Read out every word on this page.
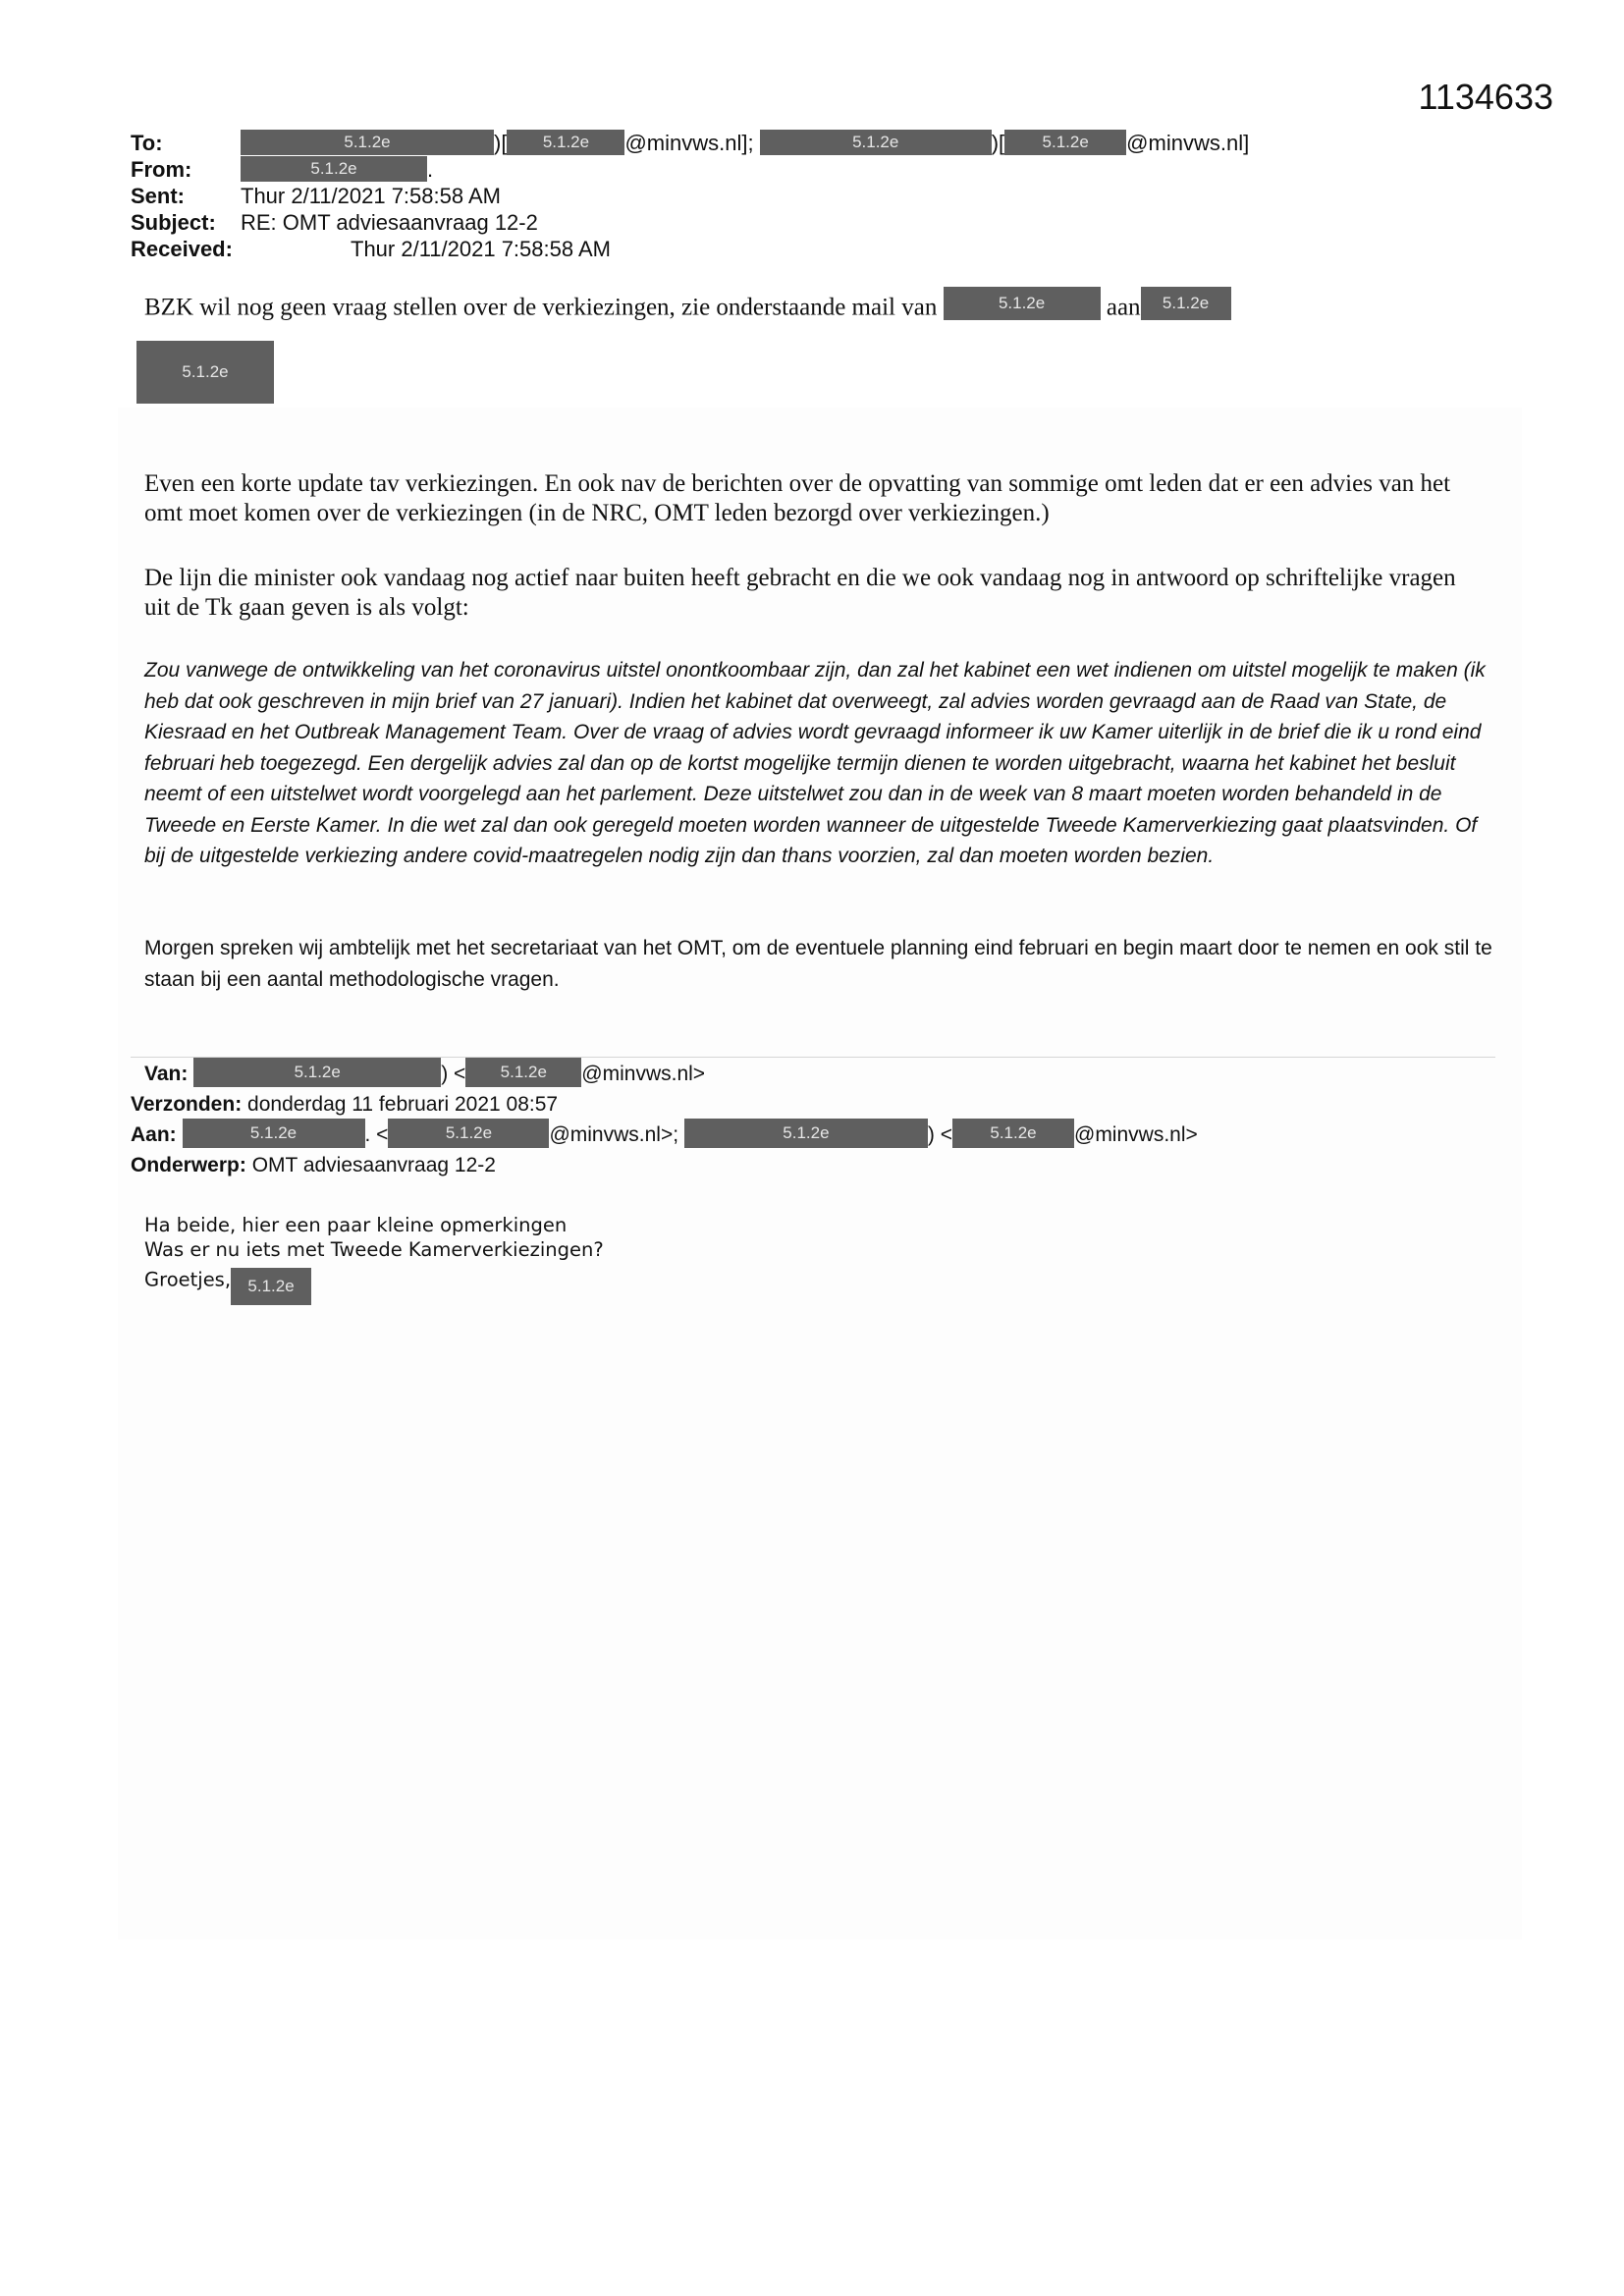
1134633
To:	5.1.2e	)[ 5.1.2e @minvws.nl];	5.1.2e	)[ 5.1.2e @minvws.nl]
From:	5.1.2e	.
Sent:	Thur 2/11/2021 7:58:58 AM
Subject: RE: OMT adviesaanvraag 12-2
Received:	Thur 2/11/2021 7:58:58 AM
BZK wil nog geen vraag stellen over de verkiezingen, zie onderstaande mail van	5.1.2e	aan 5.1.2e
5.1.2e
Even een korte update tav verkiezingen. En ook nav de berichten over de opvatting van sommige omt leden dat er een advies van het omt moet komen over de verkiezingen (in de NRC, OMT leden bezorgd over verkiezingen.)
De lijn die minister ook vandaag nog actief naar buiten heeft gebracht en die we ook vandaag nog in antwoord op schriftelijke vragen uit de Tk gaan geven is als volgt:
Zou vanwege de ontwikkeling van het coronavirus uitstel onontkoombaar zijn, dan zal het kabinet een wet indienen om uitstel mogelijk te maken (ik heb dat ook geschreven in mijn brief van 27 januari). Indien het kabinet dat overweegt, zal advies worden gevraagd aan de Raad van State, de Kiesraad en het Outbreak Management Team. Over de vraag of advies wordt gevraagd informeer ik uw Kamer uiterlijk in de brief die ik u rond eind februari heb toegezegd. Een dergelijk advies zal dan op de kortst mogelijke termijn dienen te worden uitgebracht, waarna het kabinet het besluit neemt of een uitstelwet wordt voorgelegd aan het parlement. Deze uitstelwet zou dan in de week van 8 maart moeten worden behandeld in de Tweede en Eerste Kamer. In die wet zal dan ook geregeld moeten worden wanneer de uitgestelde Tweede Kamerverkiezing gaat plaatsvinden. Of bij de uitgestelde verkiezing andere covid-maatregelen nodig zijn dan thans voorzien, zal dan moeten worden bezien.
Morgen spreken wij ambtelijk met het secretariaat van het OMT, om de eventuele planning eind februari en begin maart door te nemen en ook stil te staan bij een aantal methodologische vragen.
Van:	5.1.2e	) < 5.1.2e @minvws.nl>
Verzonden: donderdag 11 februari 2021 08:57
Aan:	5.1.2e	. <	5.1.2e	@minvws.nl>;	5.1.2e	) < 5.1.2e @minvws.nl>
Onderwerp: OMT adviesaanvraag 12-2
Ha beide, hier een paar kleine opmerkingen
Was er nu iets met Tweede Kamerverkiezingen?
Groetjes, 5.1.2e
